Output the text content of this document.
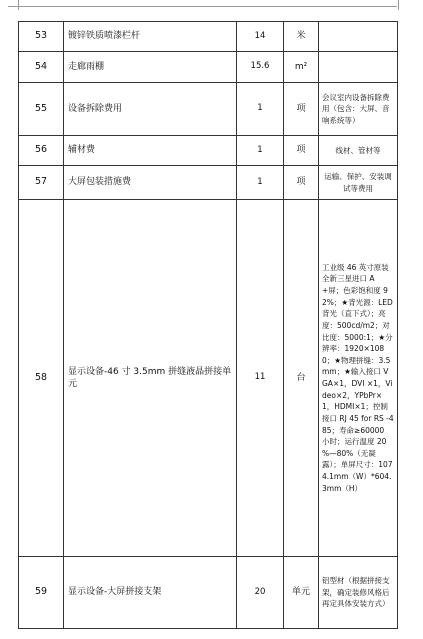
53	镀锌铁质喷漆栏杆	14	米	
54	走廊雨棚	15.6	m²	
55	设备拆除费用	1	项	会议室内设备拆除费用（包含：大屏、音响系统等）
56	辅材费	1	项	线材、管材等
57	大屏包装措施费	1	项	运输、保护、安装调试等费用
58	显示设备-46 寸 3.5mm 拼缝液晶拼接单元	11	台	工业级 46 英寸原装全新三星进口 A+屏；色彩饱和度 92%；★背光源：LED 背光（直下式）；亮度：500cd/m2；对比度：5000:1；★分辨率：1920×1080；★物理拼缝：3.5mm；★输入接口 VGA×1，DVI ×1，Video×2，YPbPr×1，HDMI×1；控制接口 RJ 45 for RS -485；寿命≥60000 小时；运行温度 20 %—80%（无凝露）；单屏尺寸：1074.1mm（W）*604.3mm（H）
59	显示设备-大屏拼接支架	20	单元	铝型材（根据拼接支架，确定装修风格后再定具体安装方式）
